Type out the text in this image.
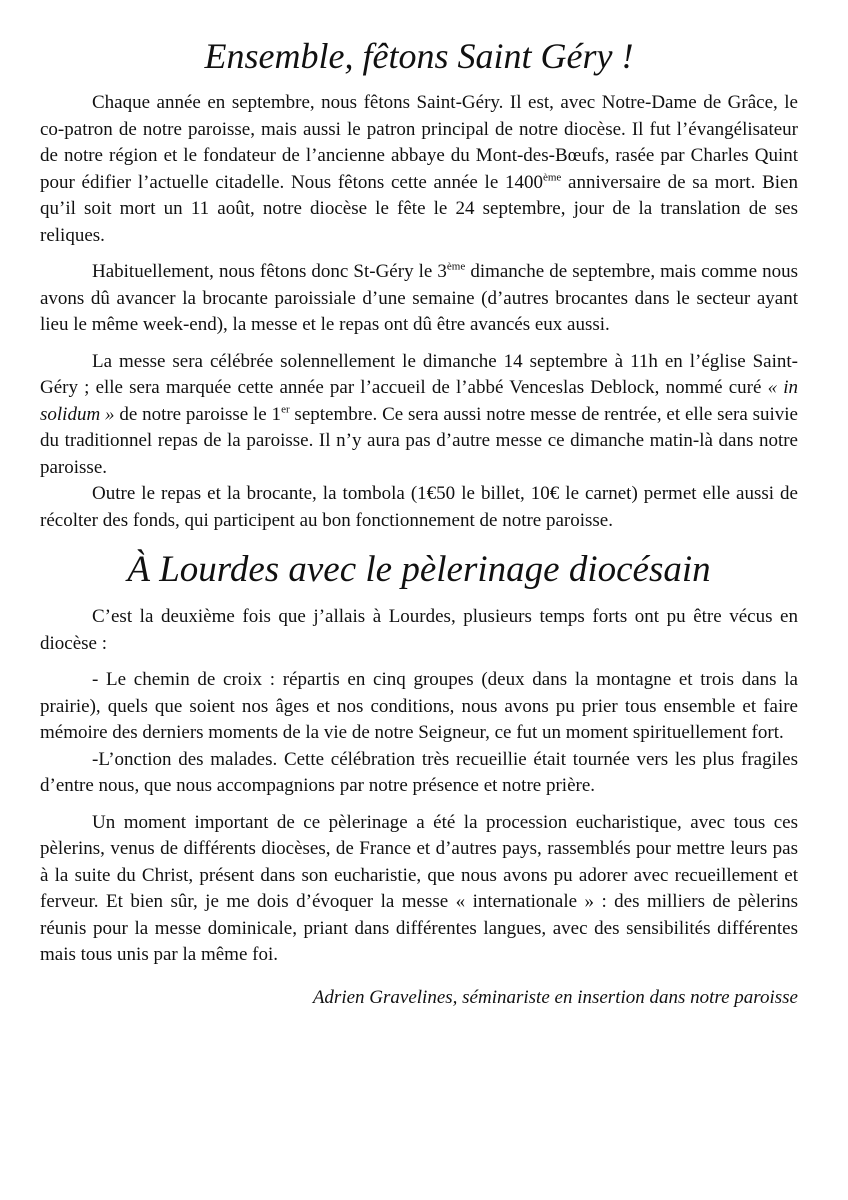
Ensemble, fêtons Saint Géry !

Chaque année en septembre, nous fêtons Saint-Géry. Il est, avec Notre-Dame de Grâce, le co-patron de notre paroisse, mais aussi le patron principal de notre diocèse. Il fut l’évangélisateur de notre région et le fondateur de l’ancienne abbaye du Mont-des-Bœufs, rasée par Charles Quint pour édifier l’actuelle citadelle. Nous fêtons cette année le 1400ème anniversaire de sa mort. Bien qu’il soit mort un 11 août, notre diocèse le fête le 24 septembre, jour de la translation de ses reliques.

Habituellement, nous fêtons donc St-Géry le 3ème dimanche de septembre, mais comme nous avons dû avancer la brocante paroissiale d’une semaine (d’autres brocantes dans le secteur ayant lieu le même week-end), la messe et le repas ont dû être avancés eux aussi.

La messe sera célébrée solennellement le dimanche 14 septembre à 11h en l’église Saint-Géry ; elle sera marquée cette année par l’accueil de l’abbé Venceslas Deblock, nommé curé « in solidum » de notre paroisse le 1er septembre. Ce sera aussi notre messe de rentrée, et elle sera suivie du traditionnel repas de la paroisse. Il n’y aura pas d’autre messe ce dimanche matin-là dans notre paroisse.

Outre le repas et la brocante, la tombola (1€50 le billet, 10€ le carnet) permet elle aussi de récolter des fonds, qui participent au bon fonctionnement de notre paroisse.

À Lourdes avec le pèlerinage diocésain

C’est la deuxième fois que j’allais à Lourdes, plusieurs temps forts ont pu être vécus en diocèse :

- Le chemin de croix : répartis en cinq groupes (deux dans la montagne et trois dans la prairie), quels que soient nos âges et nos conditions, nous avons pu prier tous ensemble et faire mémoire des derniers moments de la vie de notre Seigneur, ce fut un moment spirituellement fort.

-L’onction des malades. Cette célébration très recueillie était tournée vers les plus fragiles d’entre nous, que nous accompagnions par notre présence et notre prière.

Un moment important de ce pèlerinage a été la procession eucharistique, avec tous ces pèlerins, venus de différents diocèses, de France et d’autres pays, rassemblés pour mettre leurs pas à la suite du Christ, présent dans son eucharistie, que nous avons pu adorer avec recueillement et ferveur. Et bien sûr, je me dois d’évoquer la messe « internationale » : des milliers de pèlerins réunis pour la messe dominicale, priant dans différentes langues, avec des sensibilités différentes mais tous unis par la même foi.

Adrien Gravelines, séminariste en insertion dans notre paroisse
